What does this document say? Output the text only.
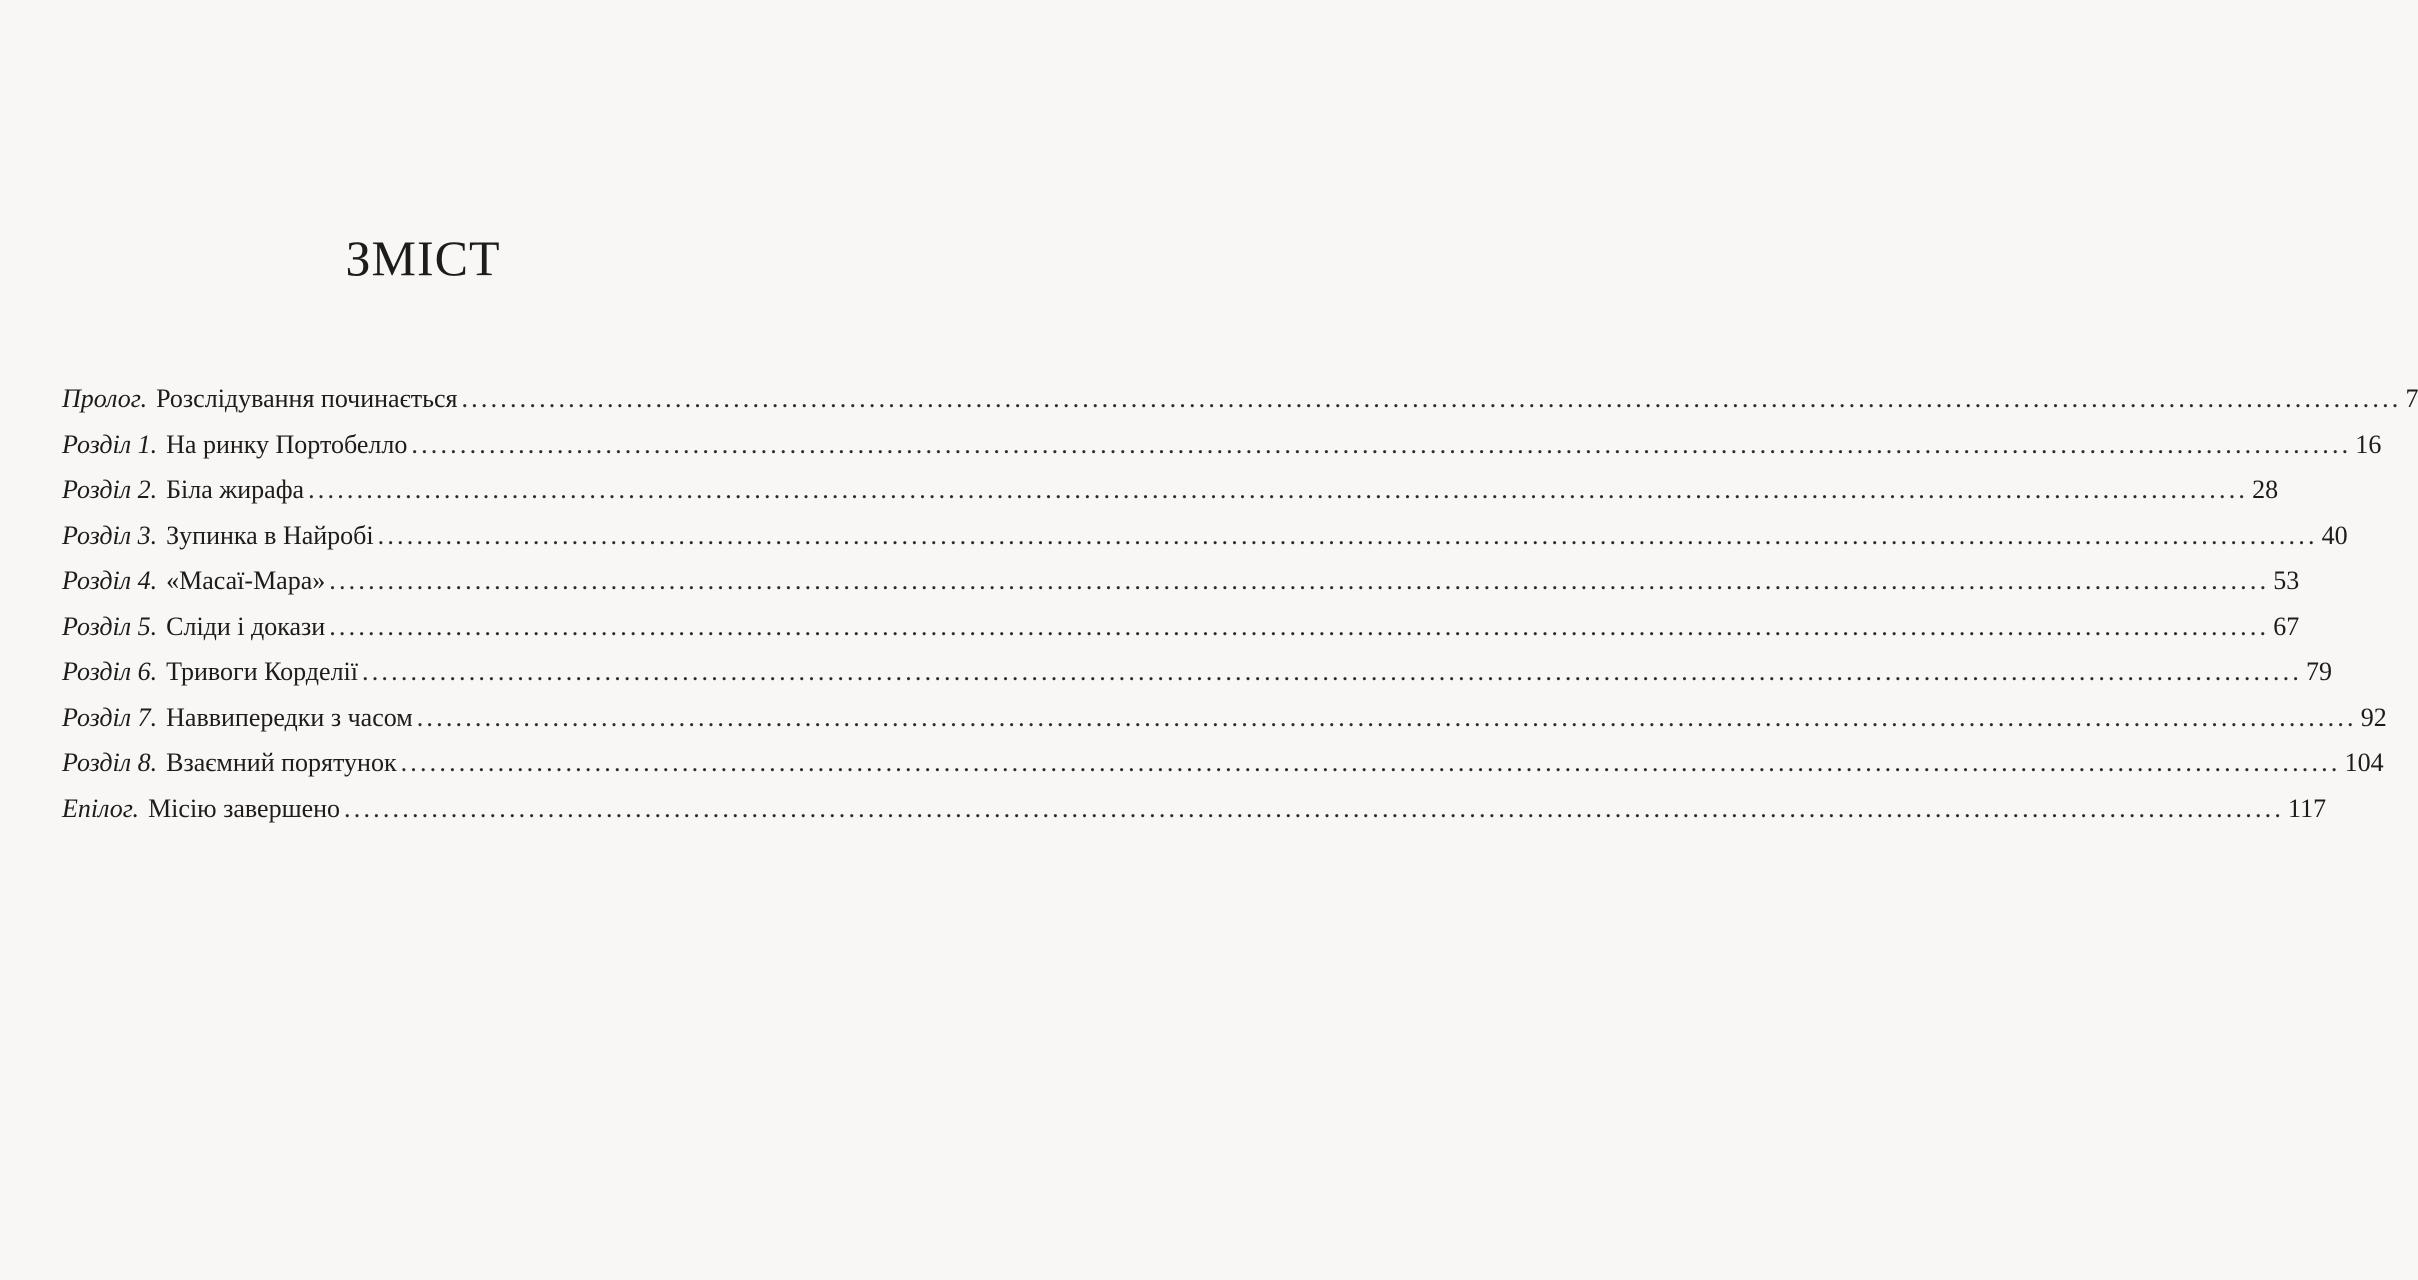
ЗМІСТ
Пролог. Розслідування починається ........................................................................................................................................................................................................ 7
Розділ 1. На ринку Портобелло ........................................................................................................................................................................................................ 16
Розділ 2. Біла жирафа ........................................................................................................................................................................................................ 28
Розділ 3. Зупинка в Найробі ........................................................................................................................................................................................................ 40
Розділ 4. «Масаї-Мара» ........................................................................................................................................................................................................ 53
Розділ 5. Сліди і докази ........................................................................................................................................................................................................ 67
Розділ 6. Тривоги Корделії ........................................................................................................................................................................................................ 79
Розділ 7. Наввипередки з часом ........................................................................................................................................................................................................ 92
Розділ 8. Взаємний порятунок ........................................................................................................................................................................................................ 104
Епілог. Місію завершено ........................................................................................................................................................................................................ 117
